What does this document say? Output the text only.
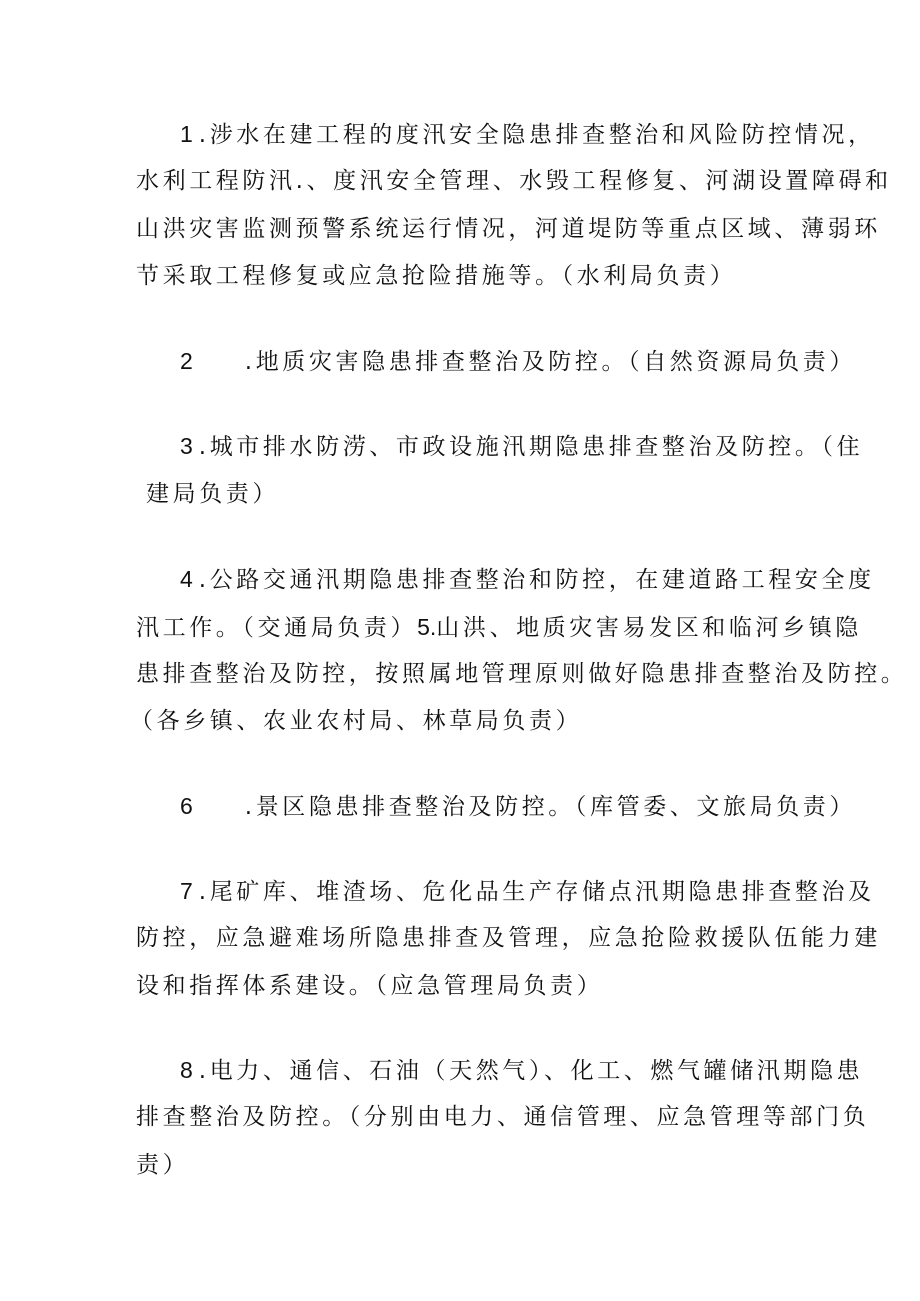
1 .涉水在建工程的度汛安全隐患排查整治和风险防控情况，
水利工程防汛.、度汛安全管理、水毁工程修复、河湖设置障碍和
山洪灾害监测预警系统运行情况，河道堤防等重点区域、薄弱环
节采取工程修复或应急抢险措施等。（水利局负责）
2 .地质灾害隐患排查整治及防控。（自然资源局负责）
3 .城市排水防涝、市政设施汛期隐患排查整治及防控。（住
建局负责）
4 .公路交通汛期隐患排查整治和防控，在建道路工程安全度
汛工作。（交通局负责）5.山洪、地质灾害易发区和临河乡镇隐
患排查整治及防控，按照属地管理原则做好隐患排查整治及防控。
（各乡镇、农业农村局、林草局负责）
6 .景区隐患排查整治及防控。（库管委、文旅局负责）
7 .尾矿库、堆渣场、危化品生产存储点汛期隐患排查整治及
防控，应急避难场所隐患排查及管理，应急抢险救援队伍能力建
设和指挥体系建设。（应急管理局负责）
8 .电力、通信、石油（天然气）、化工、燃气罐储汛期隐患
排查整治及防控。（分别由电力、通信管理、应急管理等部门负
责）
